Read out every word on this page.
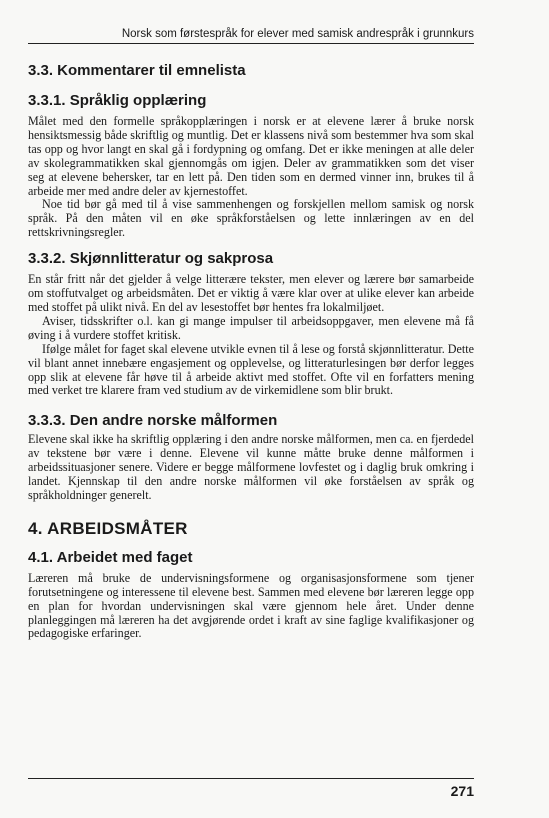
Norsk som førstespråk for elever med samisk andrespråk i grunnkurs
3.3. Kommentarer til emnelista
3.3.1. Språklig opplæring

Målet med den formelle språkopplæringen i norsk er at elevene lærer å bruke norsk hensiktsmessig både skriftlig og muntlig. Det er klassens nivå som bestemmer hva som skal tas opp og hvor langt en skal gå i fordypning og omfang. Det er ikke meningen at alle deler av skolegrammatikken skal gjennomgås om igjen. Deler av grammatikken som det viser seg at elevene behersker, tar en lett på. Den tiden som en dermed vinner inn, brukes til å arbeide mer med andre deler av kjernestoffet.

Noe tid bør gå med til å vise sammenhengen og forskjellen mellom samisk og norsk språk. På den måten vil en øke språkforståelsen og lette innlæringen av en del rettskrivningsregler.

3.3.2. Skjønnlitteratur og sakprosa

En står fritt når det gjelder å velge litterære tekster, men elever og lærere bør samarbeide om stoffutvalget og arbeidsmåten. Det er viktig å være klar over at ulike elever kan arbeide med stoffet på ulikt nivå. En del av lesestoffet bør hentes fra lokalmiljøet.

Aviser, tidsskrifter o.l. kan gi mange impulser til arbeidsoppgaver, men elevene må få øving i å vurdere stoffet kritisk.

Ifølge målet for faget skal elevene utvikle evnen til å lese og forstå skjønnlitteratur. Dette vil blant annet innebære engasjement og opplevelse, og litteraturlesingen bør derfor legges opp slik at elevene får høve til å arbeide aktivt med stoffet. Ofte vil en forfatters mening med verket tre klarere fram ved studium av de virkemidlene som blir brukt.

3.3.3. Den andre norske målformen

Elevene skal ikke ha skriftlig opplæring i den andre norske målformen, men ca. en fjerdedel av tekstene bør være i denne. Elevene vil kunne måtte bruke denne målformen i arbeidssituasjoner senere. Videre er begge målformene lovfestet og i daglig bruk omkring i landet. Kjennskap til den andre norske målformen vil øke forståelsen av språk og språkholdninger generelt.

4. ARBEIDSMÅTER
4.1. Arbeidet med faget

Læreren må bruke de undervisningsformene og organisasjonsformene som tjener forutsetningene og interessene til elevene best. Sammen med elevene bør læreren legge opp en plan for hvordan undervisningen skal være gjennom hele året. Under denne planleggingen må læreren ha det avgjørende ordet i kraft av sine faglige kvalifikasjoner og pedagogiske erfaringer.

271
